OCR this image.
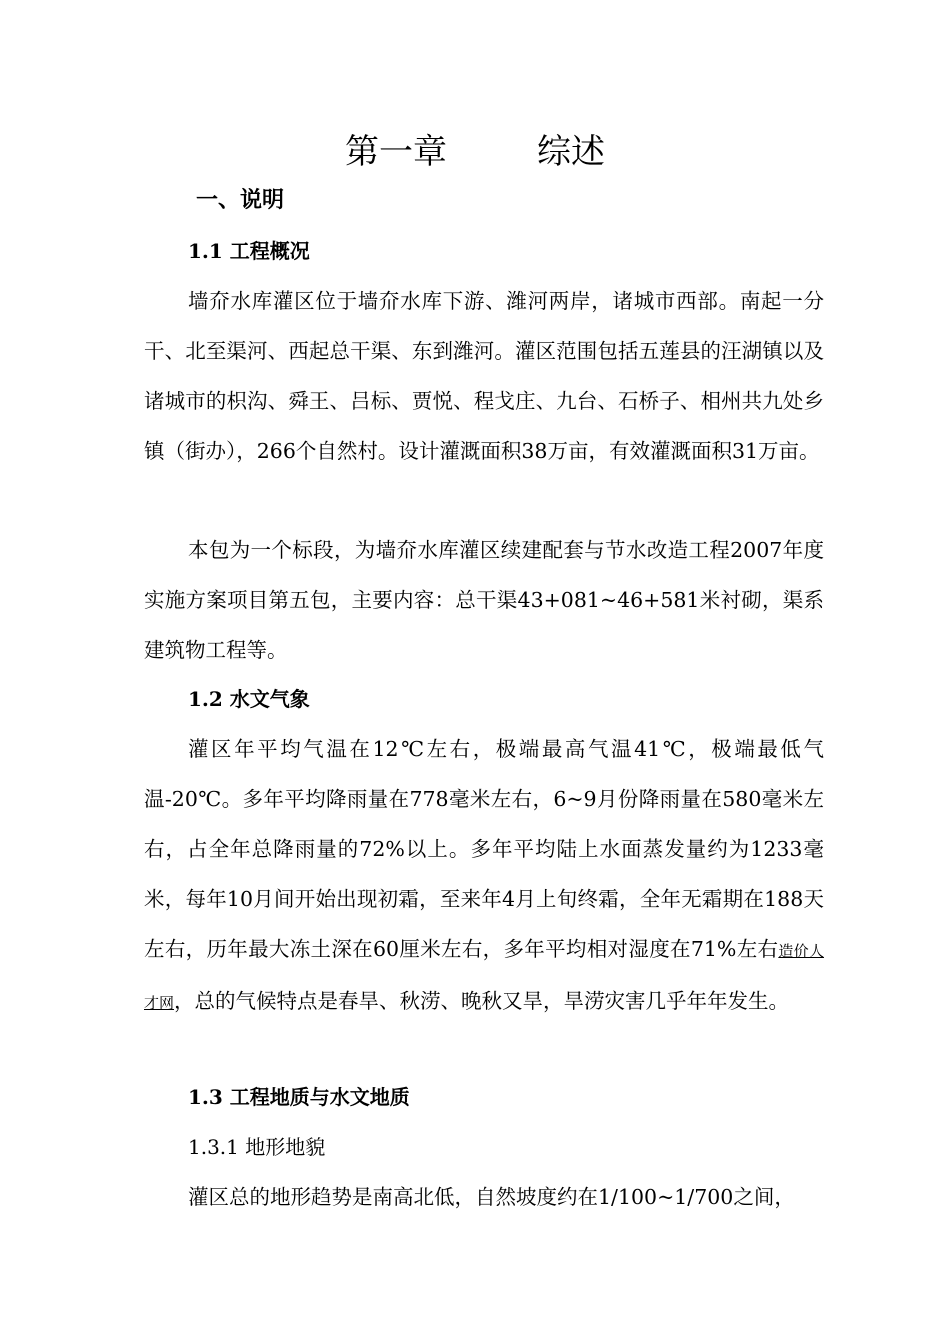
第一章	综述
一、说明
1.1 工程概况
墙夼水库灌区位于墙夼水库下游、潍河两岸，诸城市西部。南起一分干、北至渠河、西起总干渠、东到潍河。灌区范围包括五莲县的汪湖镇以及诸城市的枳沟、舜王、吕标、贾悦、程戈庄、九台、石桥子、相州共九处乡镇（街办），266个自然村。设计灌溉面积38万亩，有效灌溉面积31万亩。
本包为一个标段，为墙夼水库灌区续建配套与节水改造工程2007年度实施方案项目第五包，主要内容：总干渠43+081~46+581米衬砌，渠系建筑物工程等。
1.2 水文气象
灌区年平均气温在12℃左右，极端最高气温41℃，极端最低气温-20℃。多年平均降雨量在778毫米左右，6~9月份降雨量在580毫米左右，占全年总降雨量的72%以上。多年平均陆上水面蒸发量约为1233毫米，每年10月间开始出现初霜，至来年4月上旬终霜，全年无霜期在188天左右，历年最大冻土深在60厘米左右，多年平均相对湿度在71%左右造价人才网，总的气候特点是春旱、秋涝、晚秋又旱，旱涝灾害几乎年年发生。
1.3 工程地质与水文地质
1.3.1 地形地貌
灌区总的地形趋势是南高北低，自然坡度约在1/100~1/700之间，
